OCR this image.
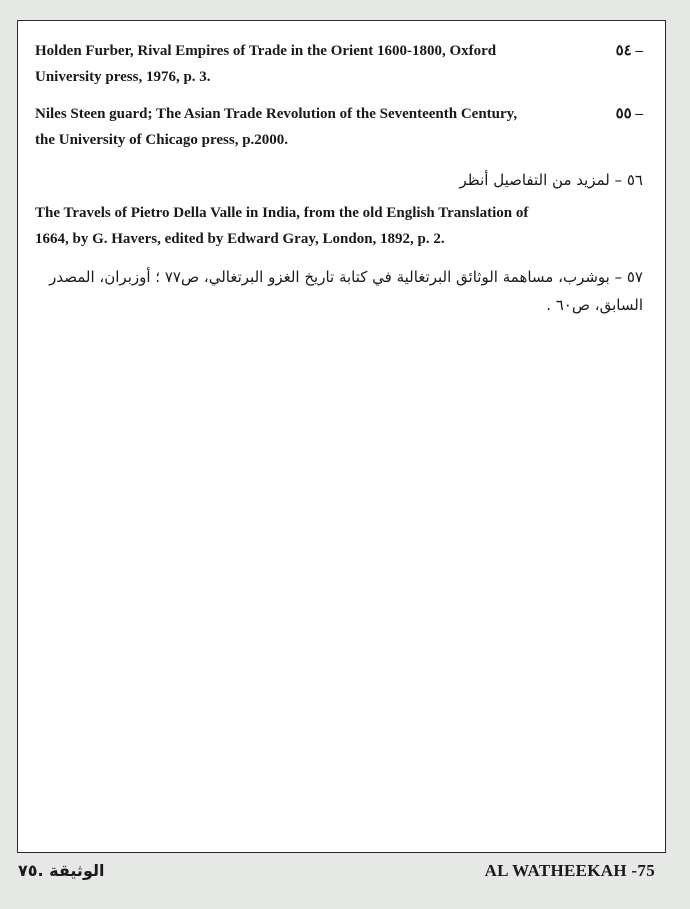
Holden Furber, Rival Empires of Trade in the Orient 1600-1800, Oxford	٥٤ –
University press, 1976, p. 3.
Niles Steen guard; The Asian Trade Revolution of the Seventeenth Century,	٥٥ –
the University of Chicago press, p.2000.
٥٦ – لمزيد من التفاصيل أنظر
The Travels of Pietro Della Valle in India, from the old English Translation of
1664, by G. Havers, edited by Edward Gray, London, 1892, p. 2.
٥٧ – بوشرب، مساهمة الوثائق البرتغالية في كتابة تاريخ الغزو البرتغالي، ص٧٧ ؛ أوزبران، المصدر
السابق، ص٦٠ .
الوثيقة .٧٥	AL WATHEEKAH -75
